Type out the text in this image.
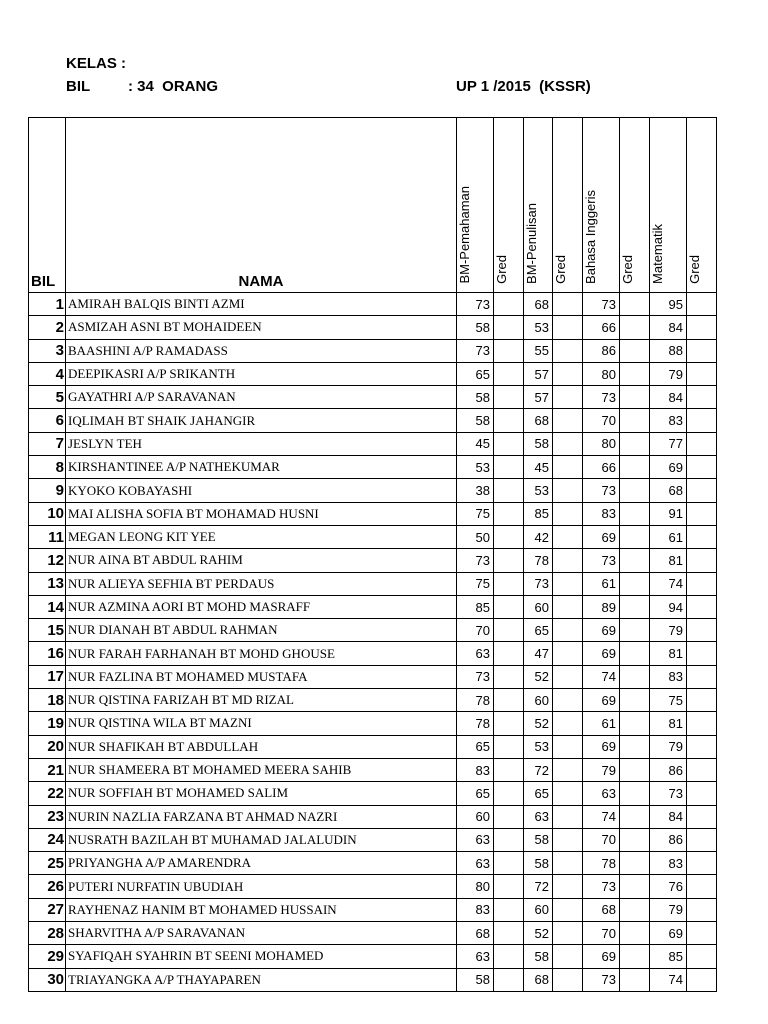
KELAS :
BIL	: 34  ORANG	UP 1 /2015  (KSSR)
BIL	NAMA	BM-Pemahaman	Gred	BM-Penulisan	Gred	Bahasa Inggeris	Gred	Matematik	Gred
1	AMIRAH BALQIS BINTI AZMI	73		68		73		95	
2	ASMIZAH ASNI BT MOHAIDEEN	58		53		66		84	
3	BAASHINI A/P RAMADASS	73		55		86		88	
4	DEEPIKASRI A/P SRIKANTH	65		57		80		79	
5	GAYATHRI A/P SARAVANAN	58		57		73		84	
6	IQLIMAH BT SHAIK JAHANGIR	58		68		70		83	
7	JESLYN TEH	45		58		80		77	
8	KIRSHANTINEE A/P NATHEKUMAR	53		45		66		69	
9	KYOKO KOBAYASHI	38		53		73		68	
10	MAI ALISHA SOFIA BT MOHAMAD HUSNI	75		85		83		91	
11	MEGAN LEONG KIT YEE	50		42		69		61	
12	NUR AINA BT ABDUL RAHIM	73		78		73		81	
13	NUR ALIEYA SEFHIA BT PERDAUS	75		73		61		74	
14	NUR AZMINA AORI BT MOHD MASRAFF	85		60		89		94	
15	NUR DIANAH BT ABDUL RAHMAN	70		65		69		79	
16	NUR FARAH FARHANAH BT MOHD GHOUSE	63		47		69		81	
17	NUR FAZLINA BT MOHAMED MUSTAFA	73		52		74		83	
18	NUR QISTINA FARIZAH BT MD RIZAL	78		60		69		75	
19	NUR QISTINA WILA BT MAZNI	78		52		61		81	
20	NUR SHAFIKAH BT ABDULLAH	65		53		69		79	
21	NUR SHAMEERA BT MOHAMED MEERA SAHIB	83		72		79		86	
22	NUR SOFFIAH BT MOHAMED SALIM	65		65		63		73	
23	NURIN NAZLIA FARZANA BT AHMAD NAZRI	60		63		74		84	
24	NUSRATH BAZILAH BT MUHAMAD JALALUDIN	63		58		70		86	
25	PRIYANGHA A/P AMARENDRA	63		58		78		83	
26	PUTERI NURFATIN UBUDIAH	80		72		73		76	
27	RAYHENAZ HANIM BT MOHAMED HUSSAIN	83		60		68		79	
28	SHARVITHA A/P SARAVANAN	68		52		70		69	
29	SYAFIQAH SYAHRIN BT SEENI MOHAMED	63		58		69		85	
30	TRIAYANGKA A/P THAYAPAREN	58		68		73		74	
